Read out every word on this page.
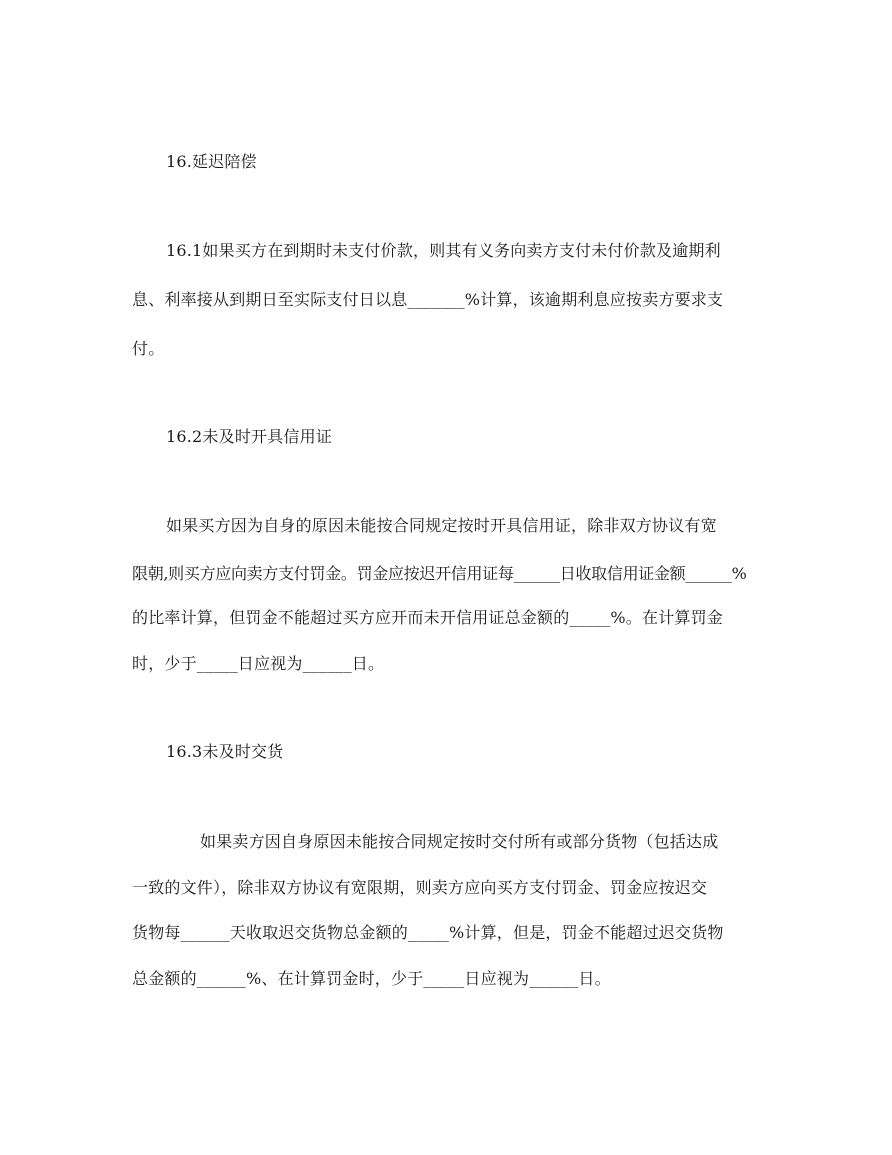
16.延迟陪偿
16.1如果买方在到期时未支付价款，则其有义务向卖方支付未付价款及逾期利
息、利率接从到期日至实际支付日以息_______%计算，该逾期利息应按卖方要求支
付。
16.2未及时开具信用证
如果买方因为自身的原因未能按合同规定按时开具信用证，除非双方协议有宽
限朝,则买方应向卖方支付罚金。罚金应按迟开信用证每______日收取信用证金额______%
的比率计算，但罚金不能超过买方应开而未开信用证总金额的_____%。在计算罚金
时，少于_____日应视为______日。
16.3未及时交货
如果卖方因自身原因未能按合同规定按时交付所有或部分货物（包括达成
一致的文件），除非双方协议有宽限期，则卖方应向买方支付罚金、罚金应按迟交
货物每______天收取迟交货物总金额的_____%计算，但是，罚金不能超过迟交货物
总金额的______%、在计算罚金时，少于_____日应视为______日。
